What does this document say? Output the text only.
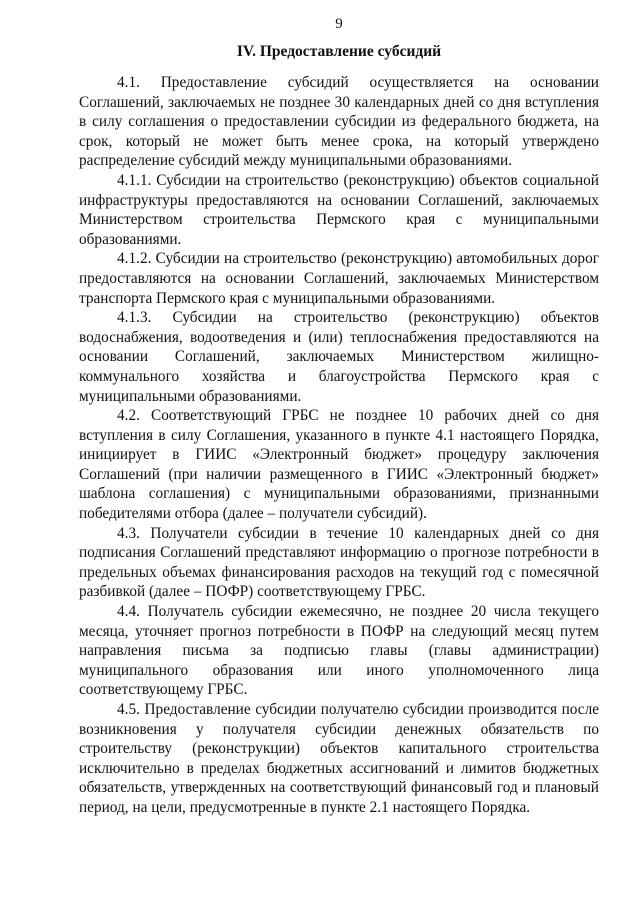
9
IV. Предоставление субсидий

4.1. Предоставление субсидий осуществляется на основании Соглашений, заключаемых не позднее 30 календарных дней со дня вступления в силу соглашения о предоставлении субсидии из федерального бюджета, на срок, который не может быть менее срока, на который утверждено распределение субсидий между муниципальными образованиями.

4.1.1. Субсидии на строительство (реконструкцию) объектов социальной инфраструктуры предоставляются на основании Соглашений, заключаемых Министерством строительства Пермского края с муниципальными образованиями.

4.1.2. Субсидии на строительство (реконструкцию) автомобильных дорог предоставляются на основании Соглашений, заключаемых Министерством транспорта Пермского края с муниципальными образованиями.

4.1.3. Субсидии на строительство (реконструкцию) объектов водоснабжения, водоотведения и (или) теплоснабжения предоставляются на основании Соглашений, заключаемых Министерством жилищно-коммунального хозяйства и благоустройства Пермского края с муниципальными образованиями.

4.2. Соответствующий ГРБС не позднее 10 рабочих дней со дня вступления в силу Соглашения, указанного в пункте 4.1 настоящего Порядка, инициирует в ГИИС «Электронный бюджет» процедуру заключения Соглашений (при наличии размещенного в ГИИС «Электронный бюджет» шаблона соглашения) с муниципальными образованиями, признанными победителями отбора (далее – получатели субсидий).

4.3. Получатели субсидии в течение 10 календарных дней со дня подписания Соглашений представляют информацию о прогнозе потребности в предельных объемах финансирования расходов на текущий год с помесячной разбивкой (далее – ПОФР) соответствующему ГРБС.

4.4. Получатель субсидии ежемесячно, не позднее 20 числа текущего месяца, уточняет прогноз потребности в ПОФР на следующий месяц путем направления письма за подписью главы (главы администрации) муниципального образования или иного уполномоченного лица соответствующему ГРБС.

4.5. Предоставление субсидии получателю субсидии производится после возникновения у получателя субсидии денежных обязательств по строительству (реконструкции) объектов капитального строительства исключительно в пределах бюджетных ассигнований и лимитов бюджетных обязательств, утвержденных на соответствующий финансовый год и плановый период, на цели, предусмотренные в пункте 2.1 настоящего Порядка.
